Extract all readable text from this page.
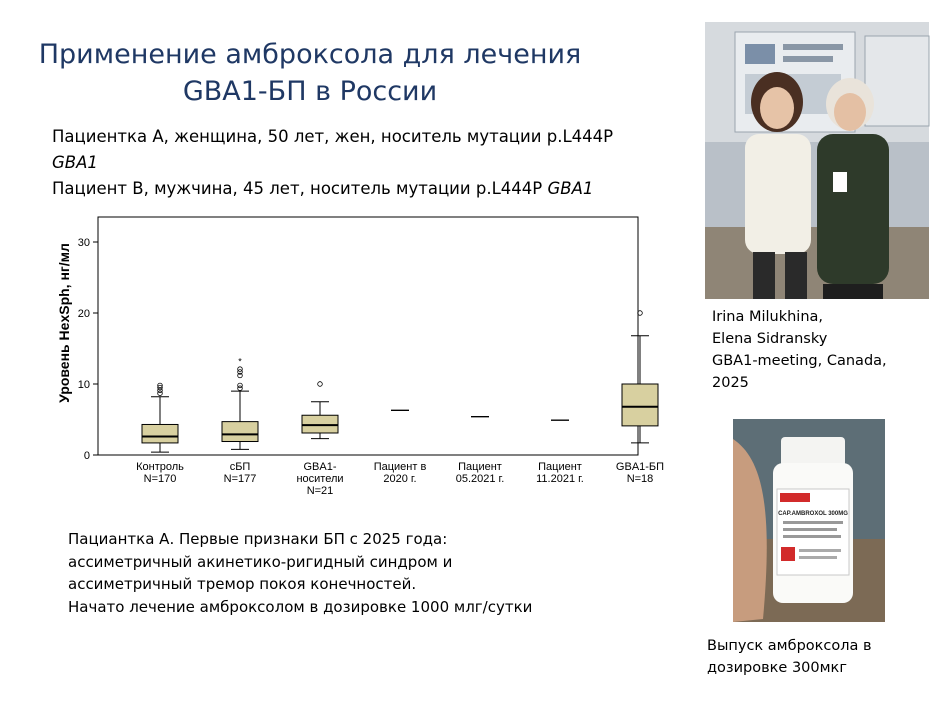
Применение амброксола для лечения
GBA1-БП в России
Пациентка А, женщина, 50 лет, жен, носитель мутации p.L444P
GBA1
Пациент B, мужчина, 45 лет, носитель мутации p.L444P GBA1
Уровень HexSph, нг/мл
0
10
20
30
*
Контроль
N=170
сБП
N=177
GBA1-
носители
N=21
Пациент в
2020 г.
Пациент
05.2021 г.
Пациент
11.2021 г.
GBA1-БП
N=18
Пациантка А. Первые признаки БП с 2025 года:
ассиметричный акинетико-ригидный синдром и
ассиметричный тремор покоя конечностей.
Начато лечение амброксолом в дозировке 1000 млг/сутки
Irina Milukhina,
Elena Sidransky
GBA1-meeting, Canada,
2025
CAP.AMBROXOL 300MG
Выпуск амброксола в
дозировке 300мкг
